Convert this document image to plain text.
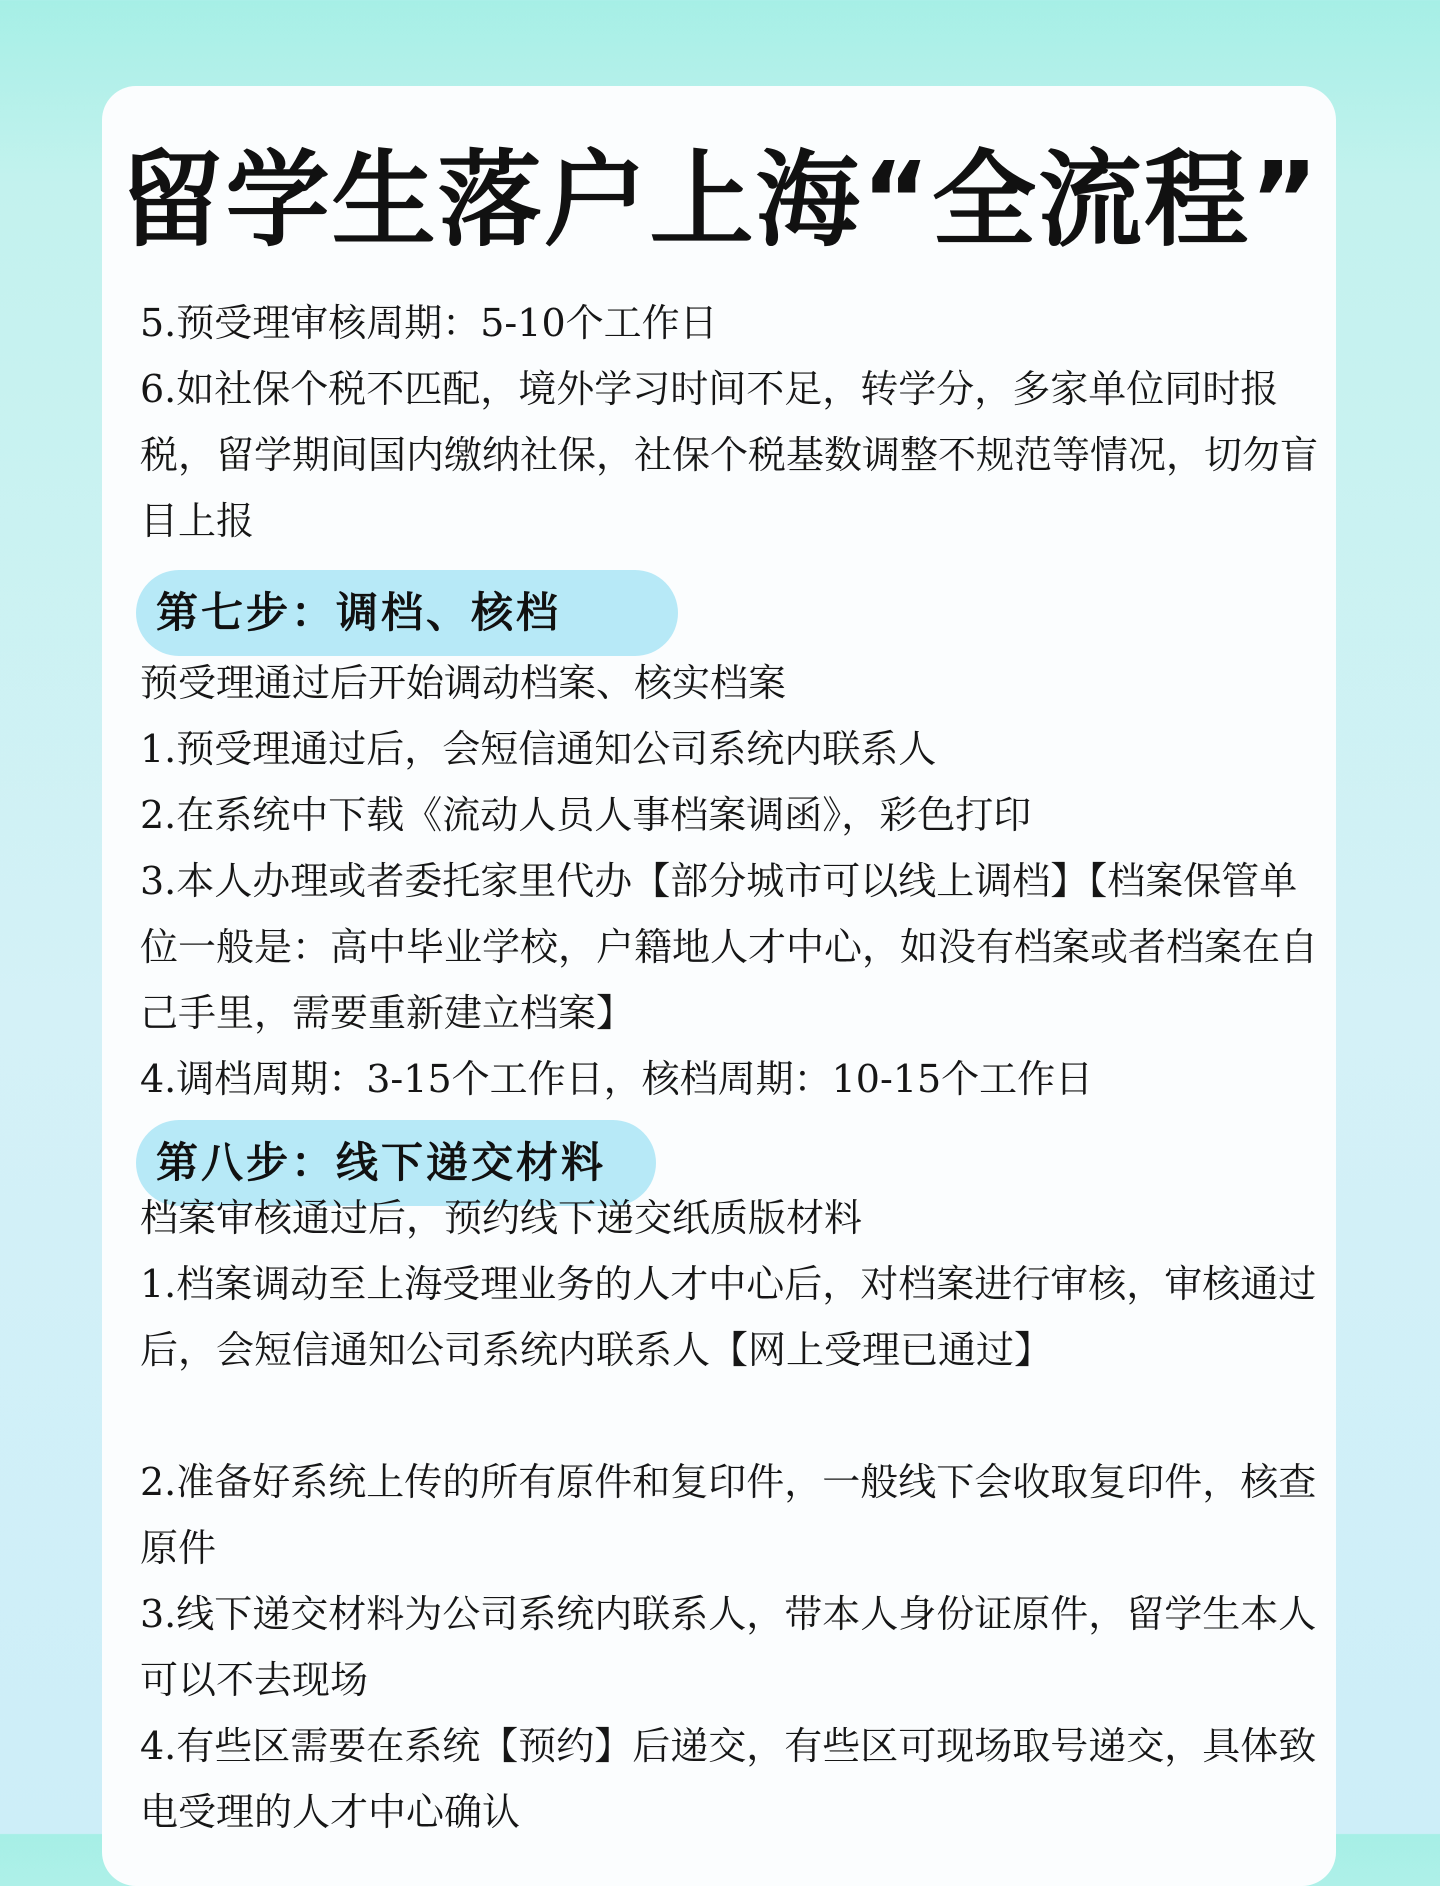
留学生落户上海“全流程”

5.预受理审核周期：5-10个工作日

6.如社保个税不匹配，境外学习时间不足，转学分，多家单位同时报税，留学期间国内缴纳社保，社保个税基数调整不规范等情况，切勿盲目上报

第七步：调档、核档

预受理通过后开始调动档案、核实档案

1.预受理通过后，会短信通知公司系统内联系人

2.在系统中下载《流动人员人事档案调函》，彩色打印

3.本人办理或者委托家里代办【部分城市可以线上调档】【档案保管单位一般是：高中毕业学校，户籍地人才中心，如没有档案或者档案在自己手里，需要重新建立档案】

4.调档周期：3-15个工作日，核档周期：10-15个工作日

第八步：线下递交材料

档案审核通过后，预约线下递交纸质版材料

1.档案调动至上海受理业务的人才中心后，对档案进行审核，审核通过后，会短信通知公司系统内联系人【网上受理已通过】

2.准备好系统上传的所有原件和复印件，一般线下会收取复印件，核查原件

3.线下递交材料为公司系统内联系人，带本人身份证原件，留学生本人可以不去现场

4.有些区需要在系统【预约】后递交，有些区可现场取号递交，具体致电受理的人才中心确认
